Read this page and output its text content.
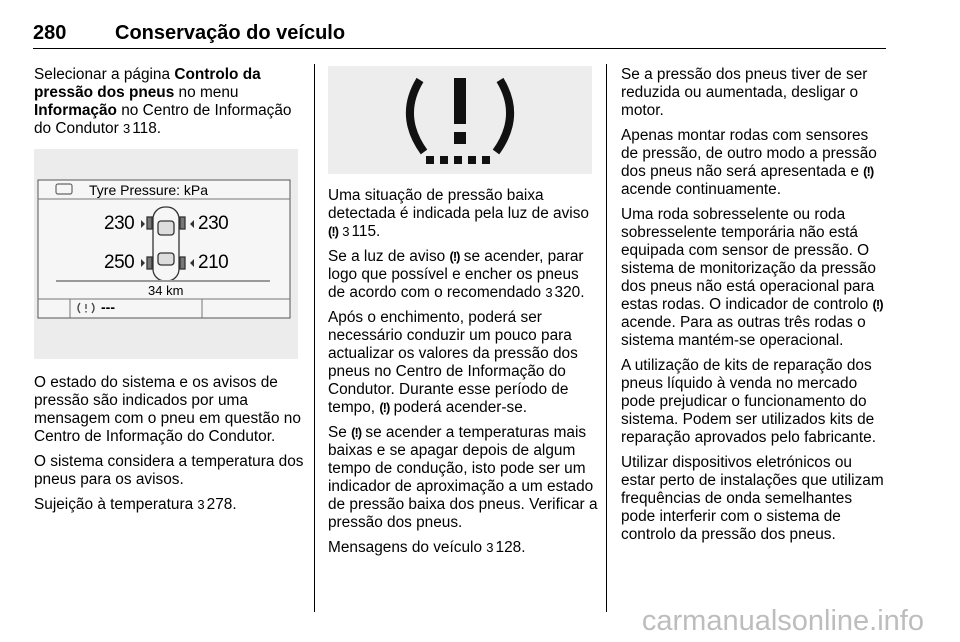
280 Conservação do veículo

Selecionar a página Controlo da pressão dos pneus no menu Informação no Centro de Informação do Condutor 3 118.

Tyre Pressure: kPa
230	230
250	210
34 km
---

O estado do sistema e os avisos de pressão são indicados por uma mensagem com o pneu em questão no Centro de Informação do Condutor.

O sistema considera a temperatura dos pneus para os avisos.

Sujeição à temperatura 3 278.

Uma situação de pressão baixa detectada é indicada pela luz de aviso (!) 3 115.

Se a luz de aviso (!) se acender, parar logo que possível e encher os pneus de acordo com o recomendado 3 320.

Após o enchimento, poderá ser necessário conduzir um pouco para actualizar os valores da pressão dos pneus no Centro de Informação do Condutor. Durante esse período de tempo, (!) poderá acender-se.

Se (!) se acender a temperaturas mais baixas e se apagar depois de algum tempo de condução, isto pode ser um indicador de aproximação a um estado de pressão baixa dos pneus. Verificar a pressão dos pneus.

Mensagens do veículo 3 128.

Se a pressão dos pneus tiver de ser reduzida ou aumentada, desligar o motor.

Apenas montar rodas com sensores de pressão, de outro modo a pressão dos pneus não será apresentada e (!) acende continuamente.

Uma roda sobresselente ou roda sobresselente temporária não está equipada com sensor de pressão. O sistema de monitorização da pressão dos pneus não está operacional para estas rodas. O indicador de controlo (!) acende. Para as outras três rodas o sistema mantém-se operacional.

A utilização de kits de reparação dos pneus líquido à venda no mercado pode prejudicar o funcionamento do sistema. Podem ser utilizados kits de reparação aprovados pelo fabricante.

Utilizar dispositivos eletrónicos ou estar perto de instalações que utilizam frequências de onda semelhantes pode interferir com o sistema de controlo da pressão dos pneus.

carmanualsonline.info
